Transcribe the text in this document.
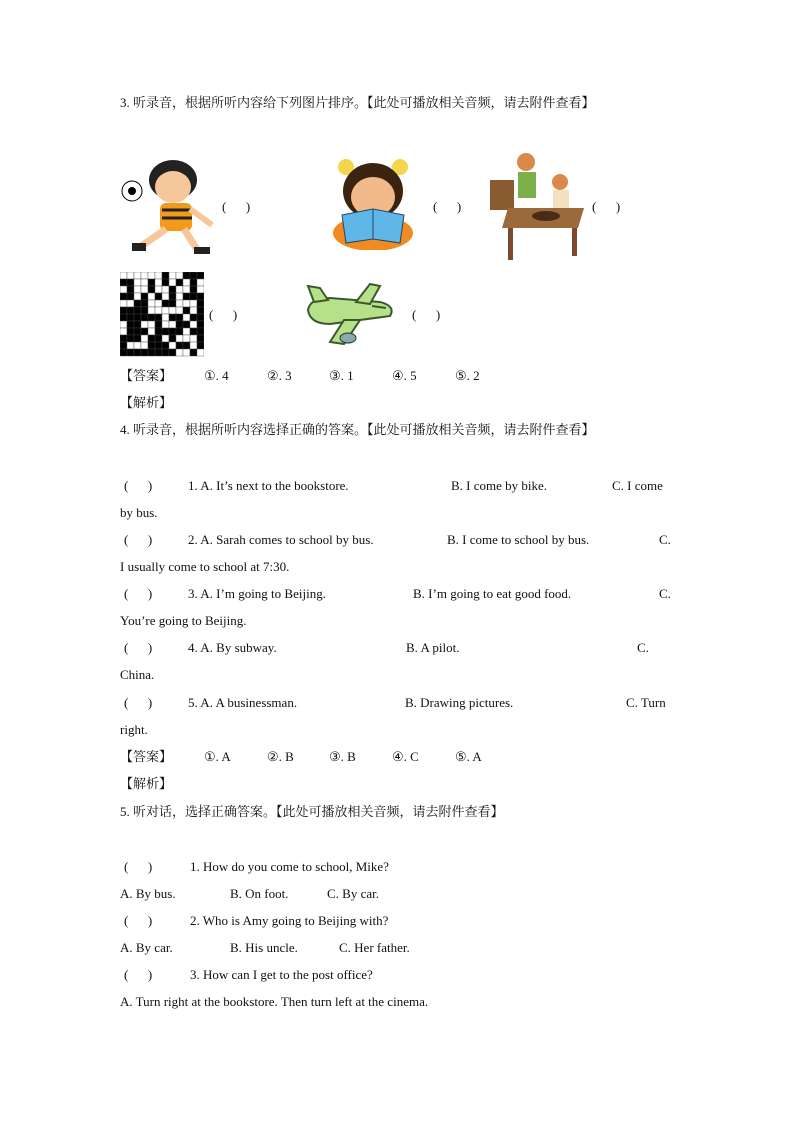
3. 听录音，根据所听内容给下列图片排序。【此处可播放相关音频，请去附件查看】
(      )	(      )	(      )
(      )	(      )
【答案】 ①. 4	②. 3	③. 1	④. 5	⑤. 2
【解析】
4. 听录音，根据所听内容选择正确的答案。【此处可播放相关音频，请去附件查看】
(      )	1. A. It’s next to the bookstore.	B. I come by bike.	C. I come
by bus.
(      )	2. A. Sarah comes to school by bus.	B. I come to school by bus.	C.
I usually come to school at 7:30.
(      )	3. A. I’m going to Beijing.	B. I’m going to eat good food.	C.
You’re going to Beijing.
(      )	4. A. By subway.	B. A pilot.	C.
China.
(      )	5. A. A businessman.	B. Drawing pictures.	C. Turn
right.
【答案】 ①. A	②. B	③. B	④. C	⑤. A
【解析】
5. 听对话，选择正确答案。【此处可播放相关音频，请去附件查看】
(      )	1. How do you come to school, Mike?
A. By bus.	B. On foot.	C. By car.
(      )	2. Who is Amy going to Beijing with?
A. By car.	B. His uncle.	C. Her father.
(      )	3. How can I get to the post office?
A. Turn right at the bookstore. Then turn left at the cinema.
